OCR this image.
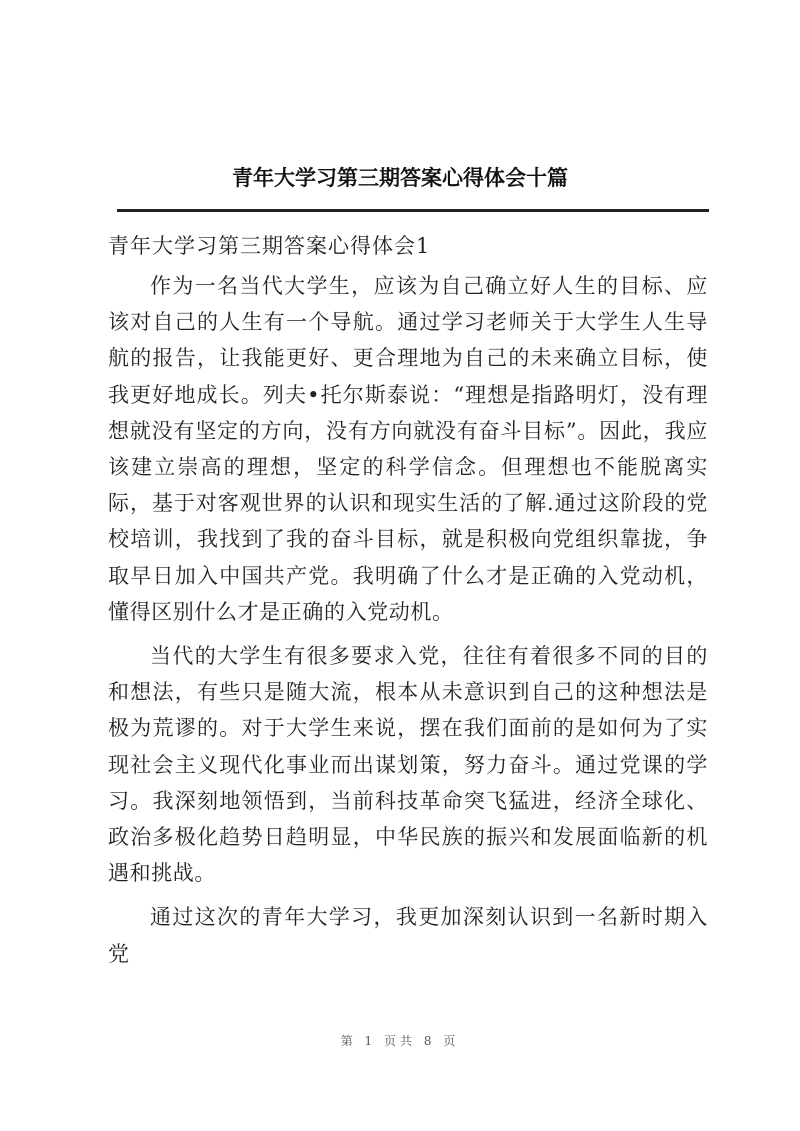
青年大学习第三期答案心得体会十篇
青年大学习第三期答案心得体会1

作为一名当代大学生，应该为自己确立好人生的目标、应该对自己的人生有一个导航。通过学习老师关于大学生人生导航的报告，让我能更好、更合理地为自己的未来确立目标，使我更好地成长。列夫•托尔斯泰说：“理想是指路明灯，没有理想就没有坚定的方向，没有方向就没有奋斗目标”。因此，我应该建立崇高的理想，坚定的科学信念。但理想也不能脱离实际，基于对客观世界的认识和现实生活的了解.通过这阶段的党校培训，我找到了我的奋斗目标，就是积极向党组织靠拢，争取早日加入中国共产党。我明确了什么才是正确的入党动机，懂得区别什么才是正确的入党动机。

当代的大学生有很多要求入党，往往有着很多不同的目的和想法，有些只是随大流，根本从未意识到自己的这种想法是极为荒谬的。对于大学生来说，摆在我们面前的是如何为了实现社会主义现代化事业而出谋划策，努力奋斗。通过党课的学习。我深刻地领悟到，当前科技革命突飞猛进，经济全球化、政治多极化趋势日趋明显，中华民族的振兴和发展面临新的机遇和挑战。

通过这次的青年大学习，我更加深刻认识到一名新时期入党

第 1 页共 8 页
